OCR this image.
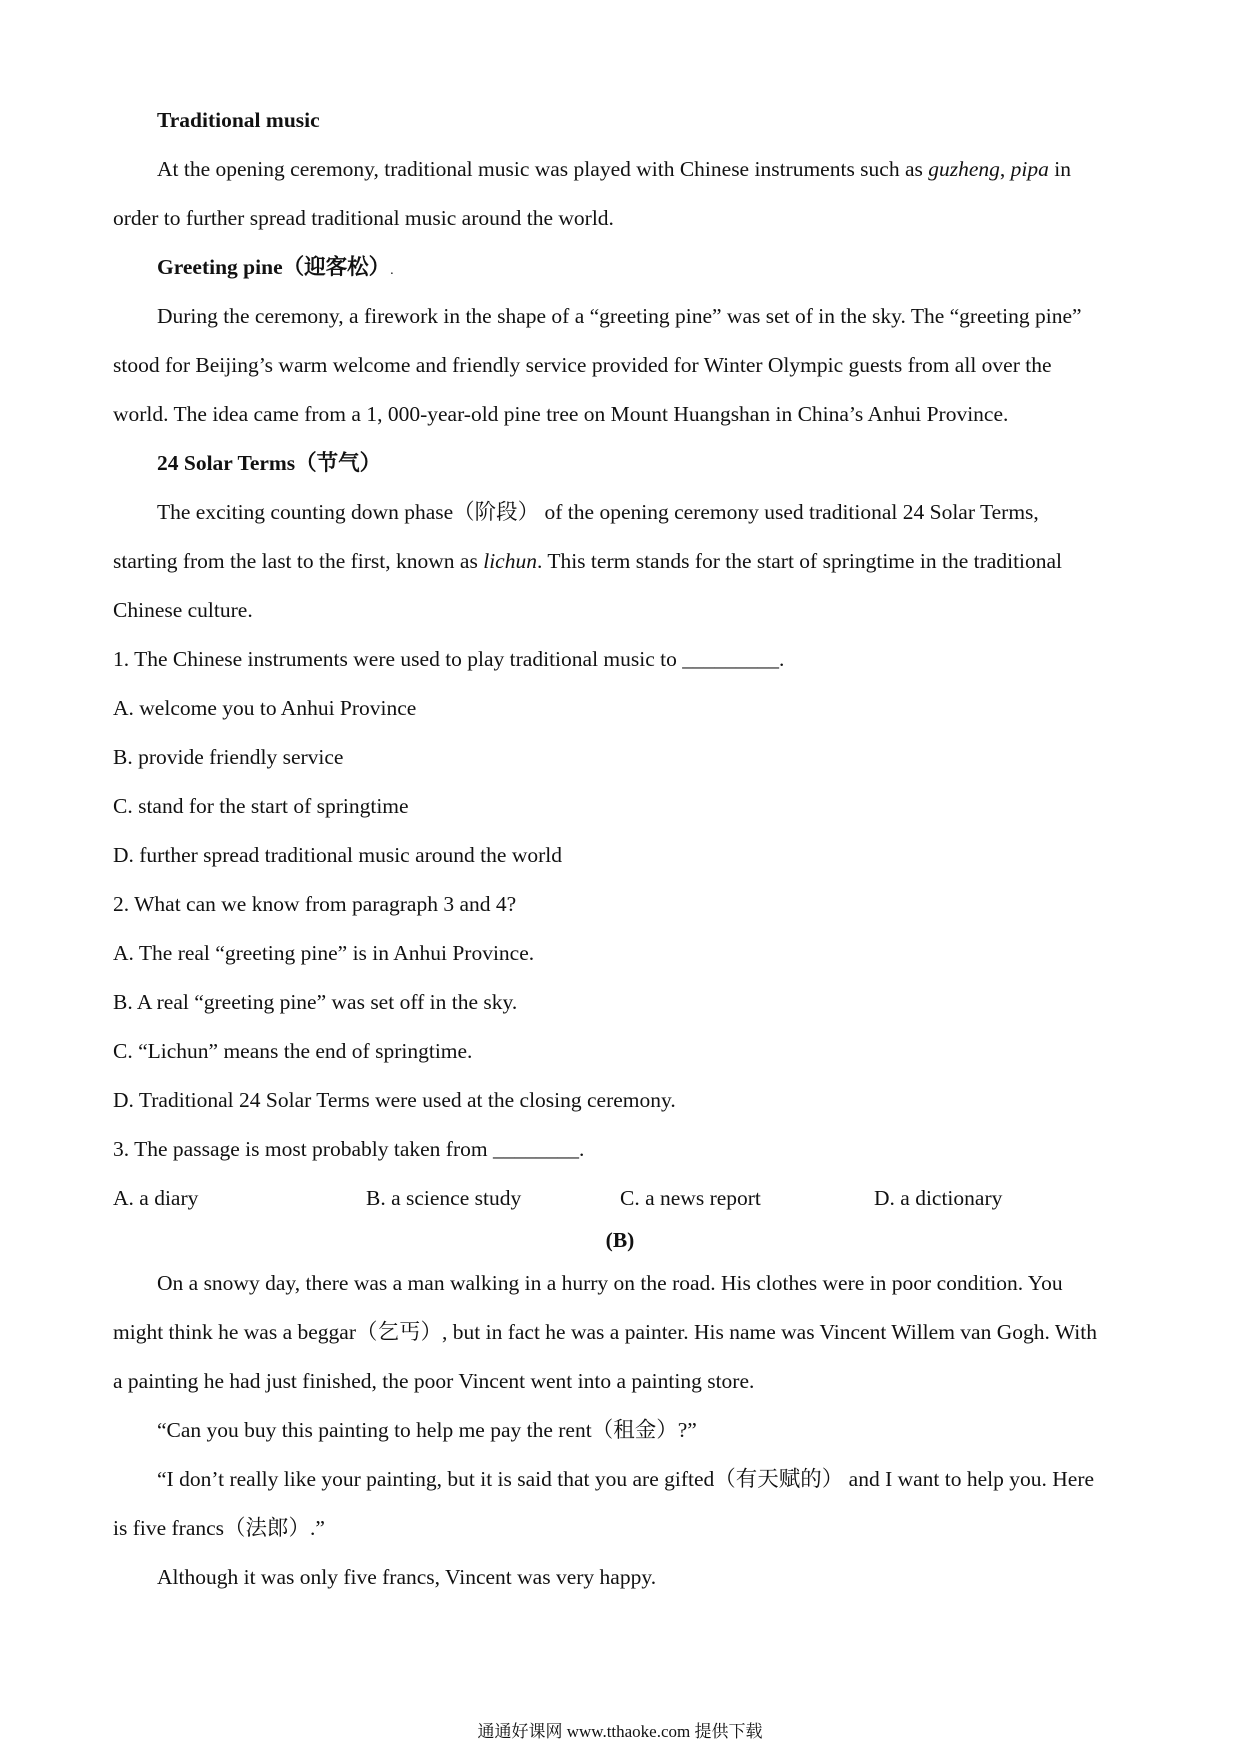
Traditional music
At the opening ceremony, traditional music was played with Chinese instruments such as guzheng, pipa in
order to further spread traditional music around the world.
Greeting pine（迎客松）.
During the ceremony, a firework in the shape of a “greeting pine” was set of in the sky. The “greeting pine”
stood for Beijing’s warm welcome and friendly service provided for Winter Olympic guests from all over the
world. The idea came from a 1, 000-year-old pine tree on Mount Huangshan in China’s Anhui Province.
24 Solar Terms（节气）
The exciting counting down phase（阶段） of the opening ceremony used traditional 24 Solar Terms,
starting from the last to the first, known as lichun. This term stands for the start of springtime in the traditional
Chinese culture.
1. The Chinese instruments were used to play traditional music to _________.
A. welcome you to Anhui Province
B. provide friendly service
C. stand for the start of springtime
D. further spread traditional music around the world
2. What can we know from paragraph 3 and 4?
A. The real “greeting pine” is in Anhui Province.
B. A real “greeting pine” was set off in the sky.
C. “Lichun” means the end of springtime.
D. Traditional 24 Solar Terms were used at the closing ceremony.
3. The passage is most probably taken from ________.
A. a diary	B. a science study	C. a news report	D. a dictionary
(B)
On a snowy day, there was a man walking in a hurry on the road. His clothes were in poor condition. You
might think he was a beggar（乞丐）, but in fact he was a painter. His name was Vincent Willem van Gogh. With
a painting he had just finished, the poor Vincent went into a painting store.
“Can you buy this painting to help me pay the rent（租金）?”
“I don’t really like your painting, but it is said that you are gifted（有天赋的） and I want to help you. Here
is five francs（法郎）.”
Although it was only five francs, Vincent was very happy.
通通好课网 www.tthaoke.com 提供下载
